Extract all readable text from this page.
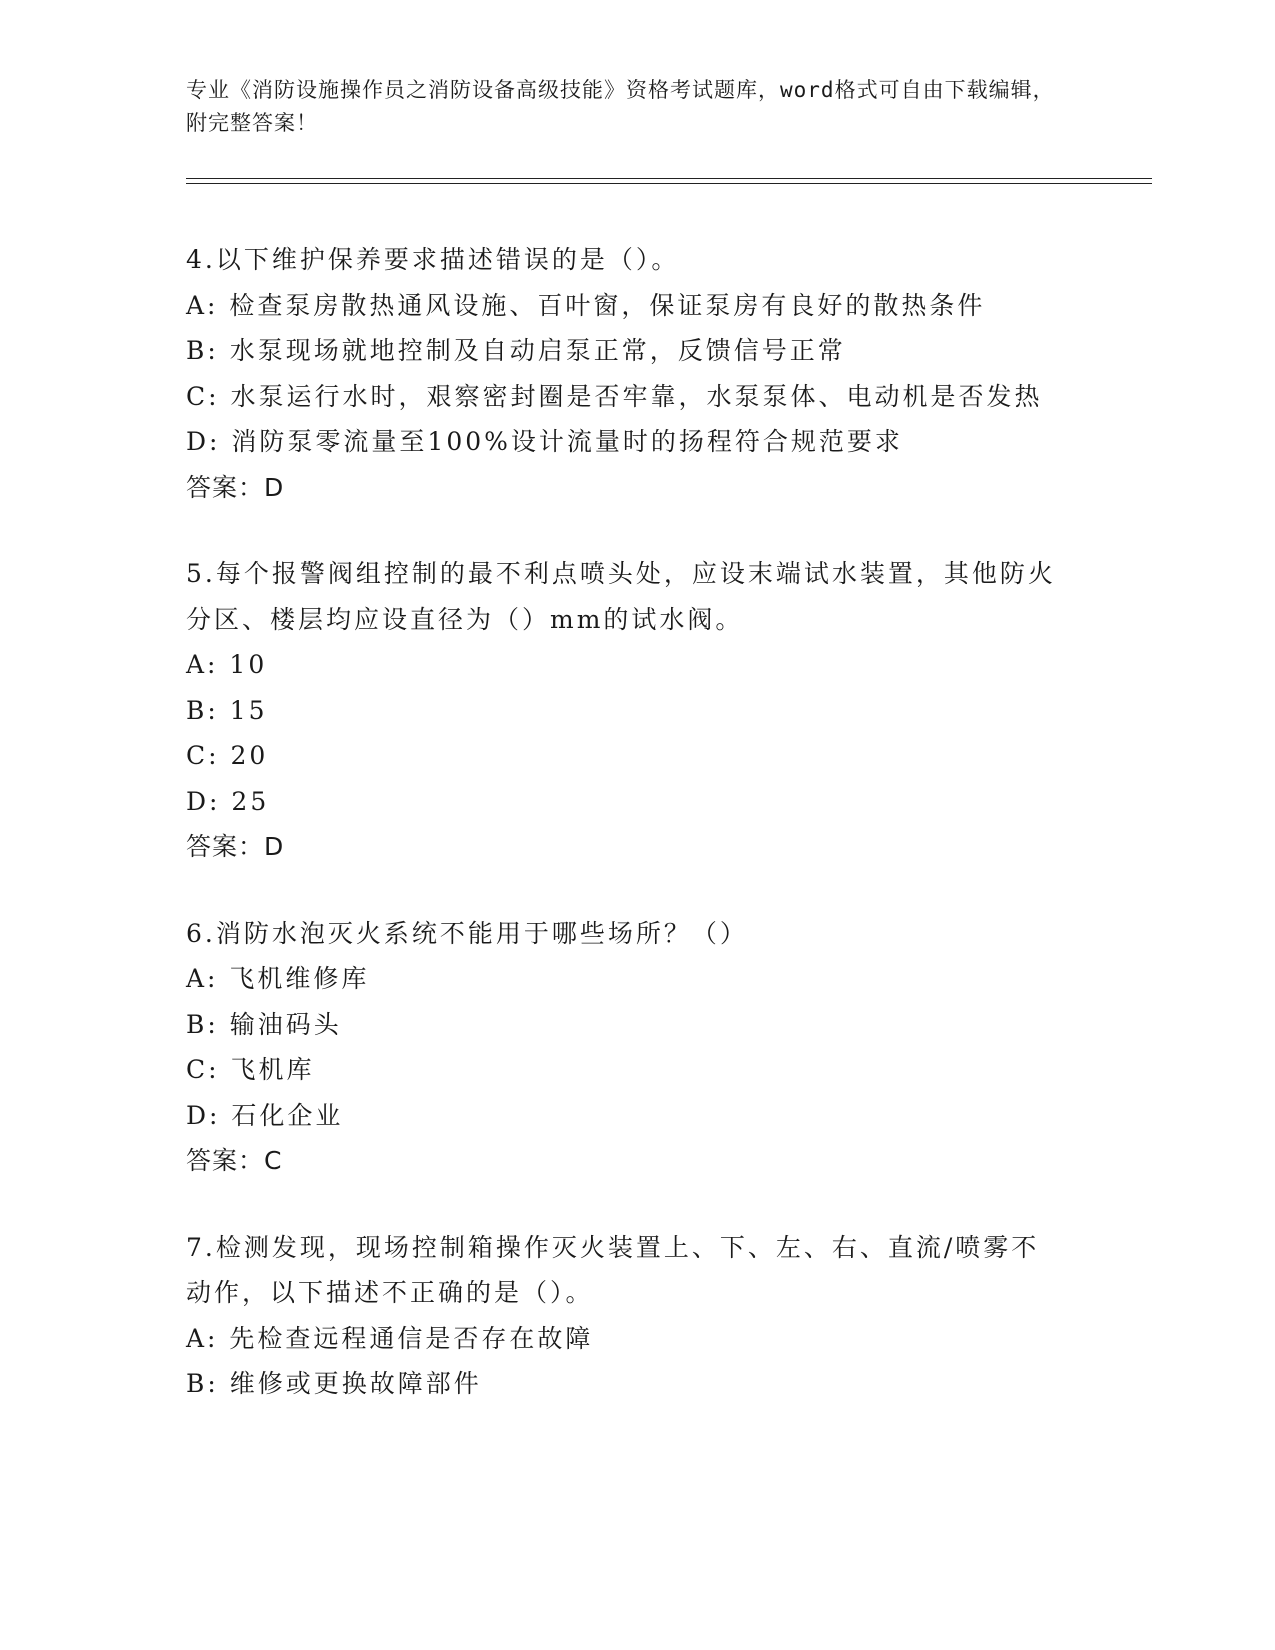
专业《消防设施操作员之消防设备高级技能》资格考试题库，word格式可自由下载编辑，附完整答案！
4.以下维护保养要求描述错误的是（）。
A: 检查泵房散热通风设施、百叶窗，保证泵房有良好的散热条件
B: 水泵现场就地控制及自动启泵正常，反馈信号正常
C: 水泵运行水时，艰察密封圈是否牢靠，水泵泵体、电动机是否发热
D: 消防泵零流量至100%设计流量时的扬程符合规范要求
答案：D
5.每个报警阀组控制的最不利点喷头处，应设末端试水装置，其他防火分区、楼层均应设直径为（）mm的试水阀。
A: 10
B: 15
C: 20
D: 25
答案：D
6.消防水泡灭火系统不能用于哪些场所？（）
A: 飞机维修库
B: 输油码头
C: 飞机库
D: 石化企业
答案：C
7.检测发现，现场控制箱操作灭火装置上、下、左、右、直流/喷雾不动作，以下描述不正确的是（）。
A: 先检查远程通信是否存在故障
B: 维修或更换故障部件
